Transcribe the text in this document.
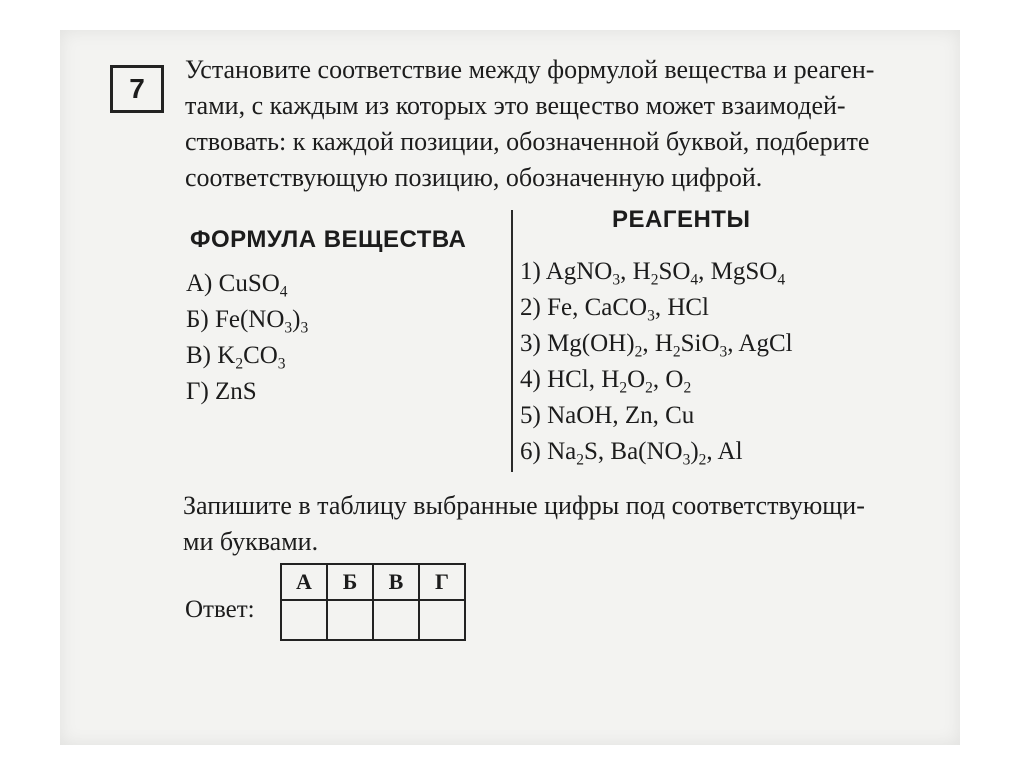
7
Установите соответствие между формулой вещества и реаген-
тами, с каждым из которых это вещество может взаимодей-
ствовать: к каждой позиции, обозначенной буквой, подберите
соответствующую позицию, обозначенную цифрой.
ФОРМУЛА ВЕЩЕСТВА
РЕАГЕНТЫ
А) CuSO$_4$
Б) $Fe(NO_3)_3$
В) $K_2CO_3$
Г) ZnS
1) AgNO$_3$, $H_2SO_4$, MgSO$_4$
2) Fe, CaCO$_3$, HCl
3) $Mg(OH)_2$, $H_2SiO_3$, AgCl
4) HCl, $H_2O_2$, $O_2$
5) NaOH, Zn, Cu
6) $Na_2S$, $Ba(NO_3)_2$, Al
Запишите в таблицу выбранные цифры под соответствующи-
ми буквами.
Ответ:
А	Б	В	Г
